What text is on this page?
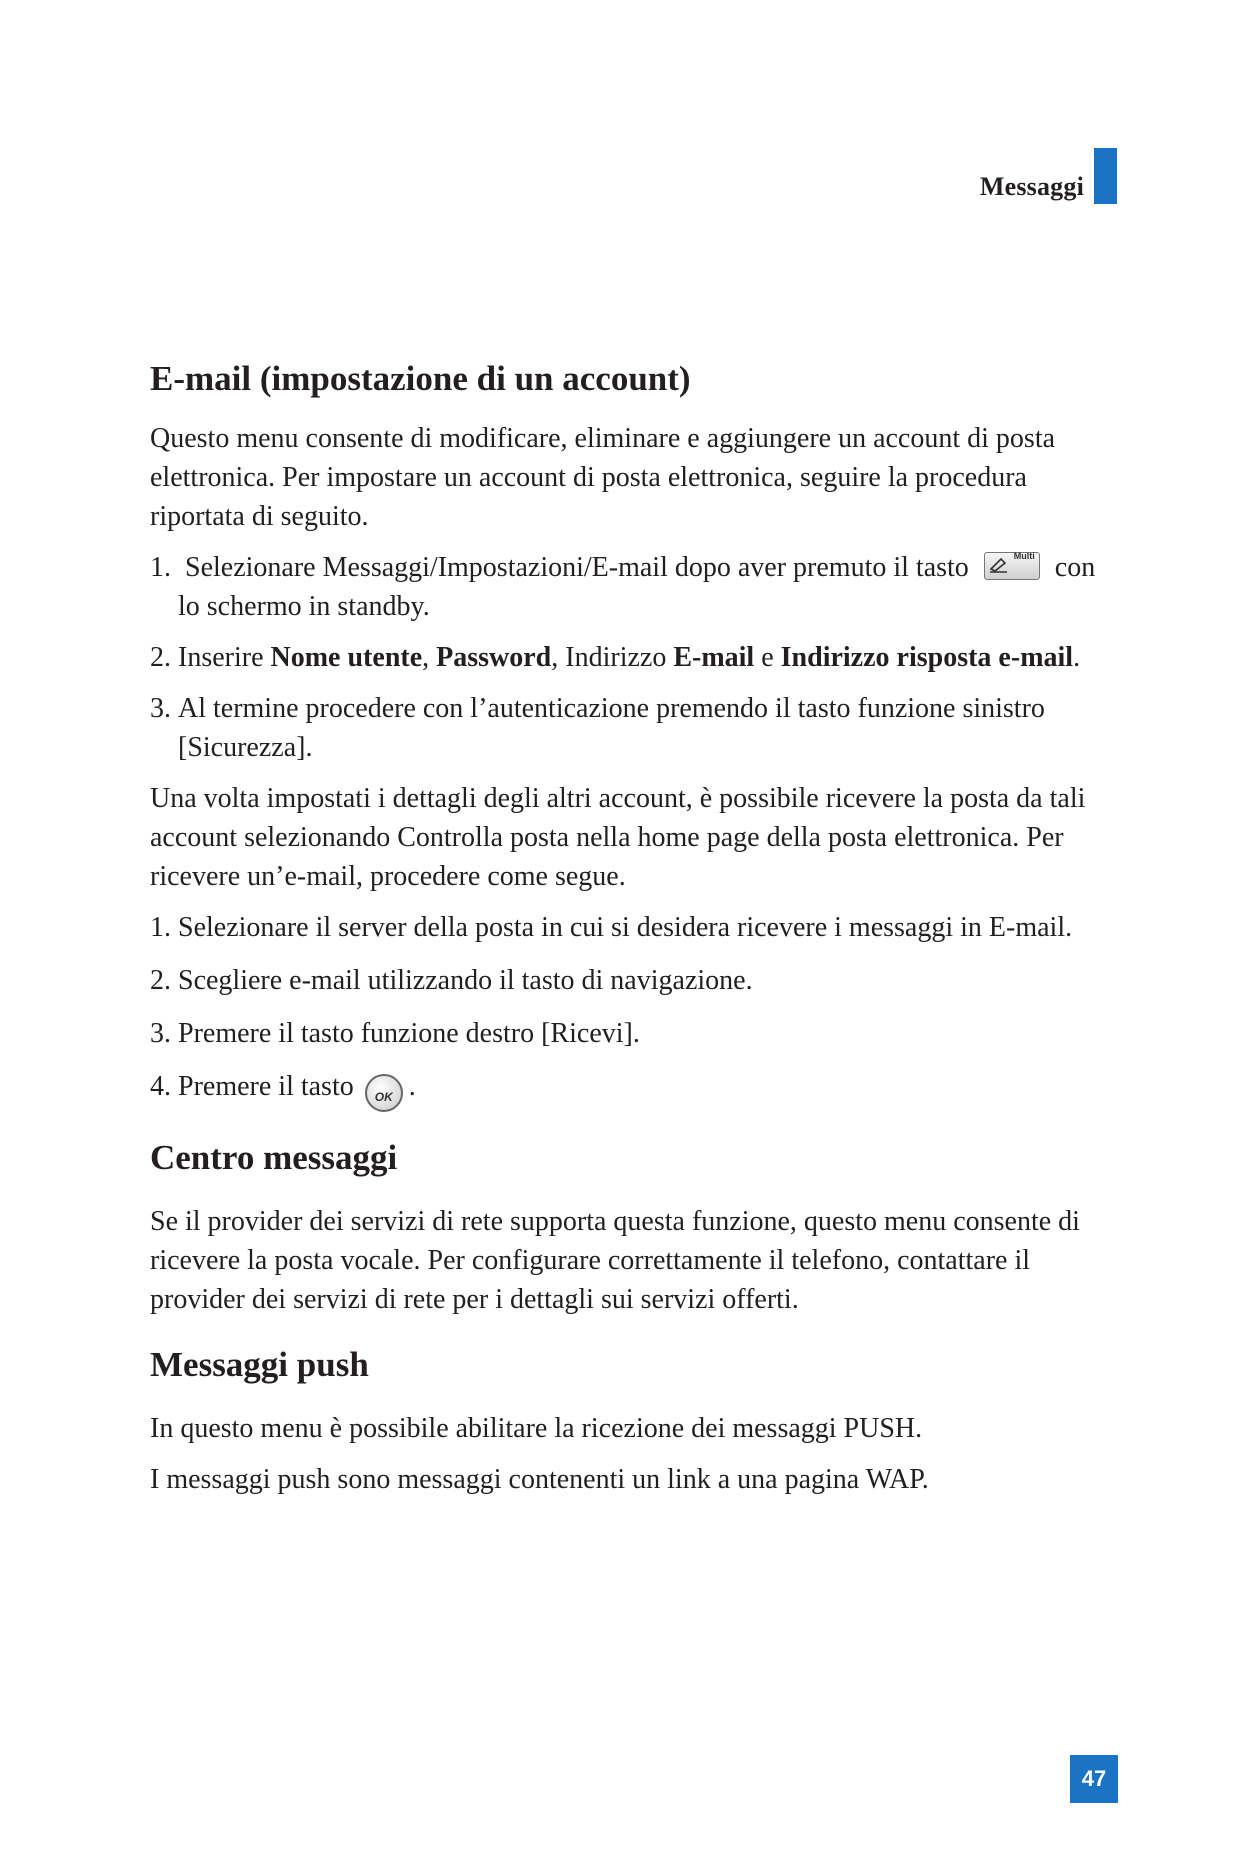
Messaggi
E-mail (impostazione di un account)

Questo menu consente di modificare, eliminare e aggiungere un account di posta elettronica. Per impostare un account di posta elettronica, seguire la procedura riportata di seguito.

1. Selezionare Messaggi/Impostazioni/E-mail dopo aver premuto il tasto	Multi con lo schermo in standby.
2. Inserire Nome utente, Password, Indirizzo E-mail e Indirizzo risposta e-mail.
3. Al termine procedere con l’autenticazione premendo il tasto funzione sinistro [Sicurezza].

Una volta impostati i dettagli degli altri account, è possibile ricevere la posta da tali account selezionando Controlla posta nella home page della posta elettronica. Per ricevere un’e-mail, procedere come segue.

1. Selezionare il server della posta in cui si desidera ricevere i messaggi in E-mail.
2. Scegliere e-mail utilizzando il tasto di navigazione.
3. Premere il tasto funzione destro [Ricevi].
4. Premere il tasto OK .
Centro messaggi

Se il provider dei servizi di rete supporta questa funzione, questo menu consente di ricevere la posta vocale. Per configurare correttamente il telefono, contattare il provider dei servizi di rete per i dettagli sui servizi offerti.

Messaggi push

In questo menu è possibile abilitare la ricezione dei messaggi PUSH.

I messaggi push sono messaggi contenenti un link a una pagina WAP.

47
